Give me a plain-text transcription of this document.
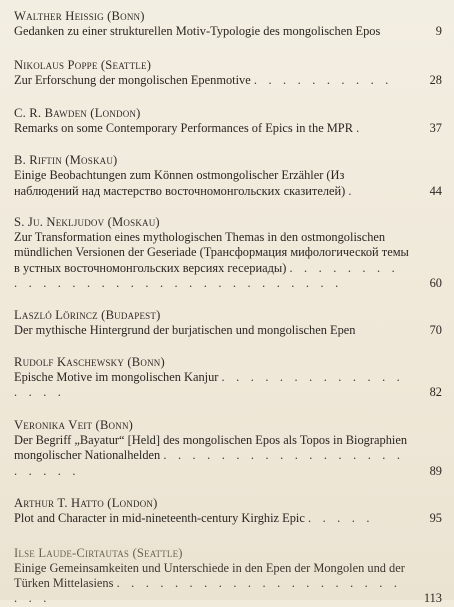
Walther Heissig (Bonn)
Gedanken zu einer strukturellen Motiv-Typologie des mongolischen Epos	9
Nikolaus Poppe (Seattle)
Zur Erforschung der mongolischen Epenmotive . . . . . . . . . .	28
C. R. Bawden (London)
Remarks on some Contemporary Performances of Epics in the MPR .	37
B. Riftin (Moskau)
Einige Beobachtungen zum Können ostmongolischer Erzähler (Из наблюдений над мастерство восточномонгольских сказителей) .	44
S. Ju. Nekljudov (Moskau)
Zur Transformation eines mythologischen Themas in den ostmongolischen mündlichen Versionen der Geseriade (Трансформация мифологической темы в устных восточномонгольских версиях гесериады) . . . . . . . . . . . . . . . . . . . . . . . . . . . . . . .	60
Laszló Lörincz (Budapest)
Der mythische Hintergrund der burjatischen und mongolischen Epen	70
Rudolf Kaschewsky (Bonn)
Epische Motive im mongolischen Kanjur . . . . . . . . . . . . . . . . .	82
Veronika Veit (Bonn)
Der Begriff „Bayatur“ [Held] des mongolischen Epos als Topos in Biographien mongolischer Nationalhelden . . . . . . . . . . . . . . . . . . . . . .	89
Arthur T. Hatto (London)
Plot and Character in mid-nineteenth-century Kirghiz Epic . . . . .	95
Ilse Laude-Cirtautas (Seattle)
Einige Gemeinsamkeiten und Unterschiede in den Epen der Mongolen und der Türken Mittelasiens . . . . . . . . . . . . . . . . . . . . . . .	113
